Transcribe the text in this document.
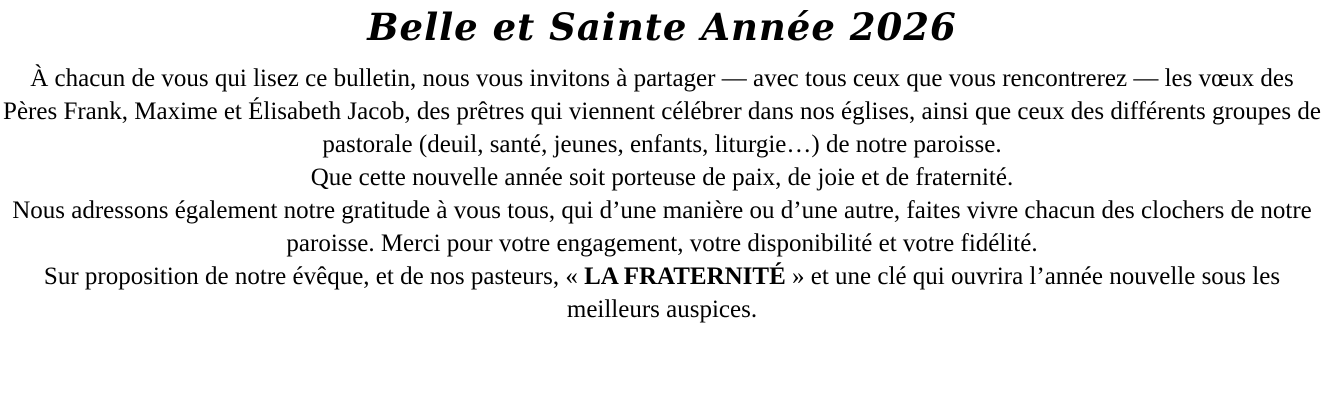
Belle et Sainte Année 2026

À chacun de vous qui lisez ce bulletin, nous vous invitons à partager — avec tous ceux que vous rencontrerez — les vœux des Pères Frank, Maxime et Élisabeth Jacob, des prêtres qui viennent célébrer dans nos églises, ainsi que ceux des différents groupes de pastorale (deuil, santé, jeunes, enfants, liturgie…) de notre paroisse.

Que cette nouvelle année soit porteuse de paix, de joie et de fraternité.

Nous adressons également notre gratitude à vous tous, qui d’une manière ou d’une autre, faites vivre chacun des clochers de notre paroisse. Merci pour votre engagement, votre disponibilité et votre fidélité.

Sur proposition de notre évêque, et de nos pasteurs, « LA FRATERNITÉ » et une clé qui ouvrira l’année nouvelle sous les meilleurs auspices.
